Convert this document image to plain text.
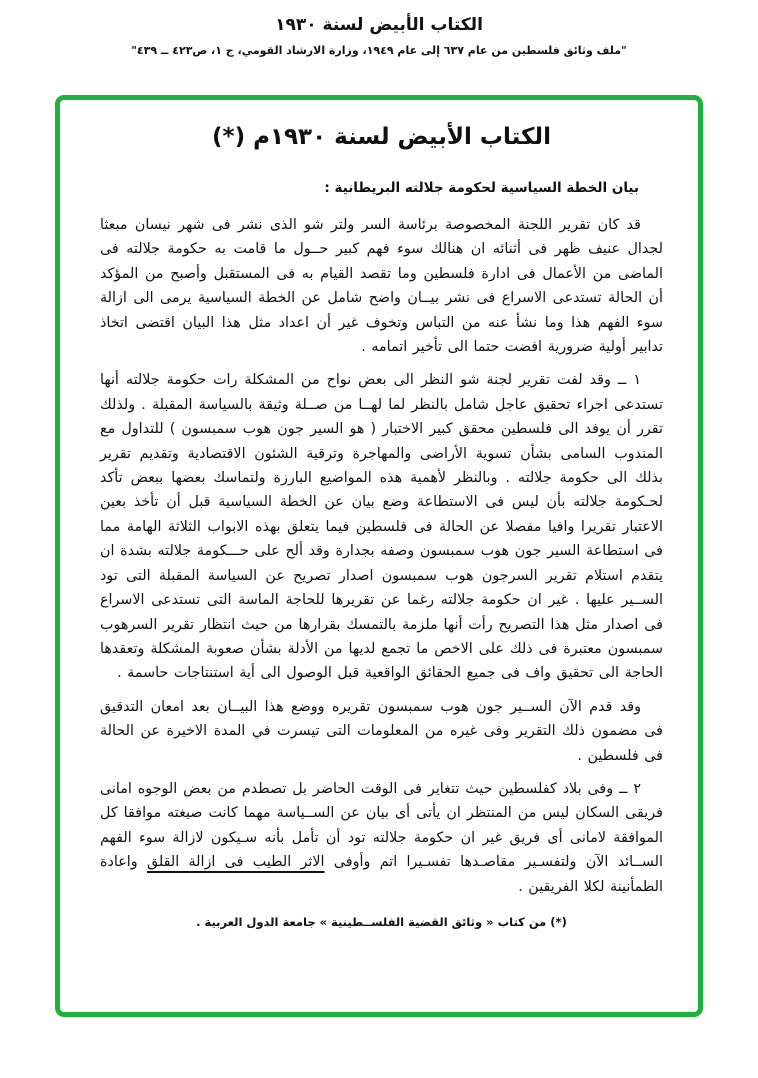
الكتاب الأبيض لسنة ١٩٣٠
"ملف وثائق فلسطين من عام ٦٣٧ إلى عام ١٩٤٩، وزارة الارشاد القومي، ج ١، ص٤٢٣ ــ ٤٣٩"
الكتاب الأبيض لسنة ١٩٣٠م (*)
بيان الخطة السياسية لحكومة جلالته البريطانية :

قد كان تقرير اللجنة المخصوصة برئاسة السر ولتر شو الذى نشر فى شهر نيسان مبعثا لجدال عنيف ظهر فى أثنائه ان هنالك سوء فهم كبير حــول ما قامت به حكومة جلالته فى الماضى من الأعمال فى ادارة فلسطين وما تقصد القيام به فى المستقبل وأصبح من المؤكد أن الحالة تستدعى الاسراع فى نشر بيــان واضح شامل عن الخطة السياسية يرمى الى ازالة سوء الفهم هذا وما نشأ عنه من التباس وتخوف غير أن اعداد مثل هذا البيان اقتضى اتخاذ تدابير أولية ضرورية افضت حتما الى تأخير اتمامه .

١ ــ وقد لفت تقرير لجنة شو النظر الى بعض نواح من المشكلة رات حكومة جلالته أنها تستدعى اجراء تحقيق عاجل شامل بالنظر لما لهــا من صــلة وثيقة بالسياسة المقبلة . ولذلك تقرر أن يوفد الى فلسطين محقق كبير الاختبار ( هو السير جون هوب سمبسون ) للتداول مع المندوب السامى بشأن تسوية الأراضى والمهاجرة وترقية الشئون الاقتصادية وتقديم تقرير بذلك الى حكومة جلالته . وبالنظر لأهمية هذه المواضيع البارزة ولتماسك بعضها ببعض تأكد لحـكومة جلالته بأن ليس فى الاستطاعة وضع بيان عن الخطة السياسية قبل أن تأخذ بعين الاعتبار تقريرا وافيا مفصلا عن الحالة فى فلسطين فيما يتعلق بهذه الابواب الثلاثة الهامة مما فى استطاعة السير جون هوب سمبسون وصفه بجدارة وقد ألح على حـــكومة جلالته بشدة ان يتقدم استلام تقرير السرجون هوب سمبسون اصدار تصريح عن السياسة المقبلة التى تود الســير عليها . غير ان حكومة جلالته رغما عن تقريرها للحاجة الماسة التى تستدعى الاسراع فى اصدار مثل هذا التصريح رأت أنها ملزمة بالتمسك بقرارها من حيث انتظار تقرير السرهوب سمبسون معتبرة فى ذلك على الاخص ما تجمع لديها من الأدلة بشأن صعوبة المشكلة وتعقدها الحاجة الى تحقيق واف فى جميع الحقائق الواقعية قبل الوصول الى أية استنتاجات حاسمة .

وقد قدم الآن الســير جون هوب سمبسون تقريره ووضع هذا البيــان بعد امعان التدقيق فى مضمون ذلك التقرير وفى غيره من المعلومات التى تيسرت في المدة الاخيرة عن الحالة فى فلسطين .

٢ ــ وفى بلاد كفلسطين حيث تتغاير فى الوقت الحاضر بل تصطدم من بعض الوجوه امانى فريقى السكان ليس من المنتظر ان يأتى أى بيان عن الســياسة مهما كانت صيغته موافقا كل الموافقة لامانى أى فريق غير ان حكومة جلالته تود أن تأمل بأنه سـيكون لازالة سوء الفهم الســائد الآن ولتفسـير مقاصـدها تفسـيرا اتم وأوفى الاثر الطيب فى ازالة القلق واعادة الطمأنينة لكلا الفريقين .

(*) من كتاب « وثائق القضية الفلســطينية » جامعة الدول العربية .
